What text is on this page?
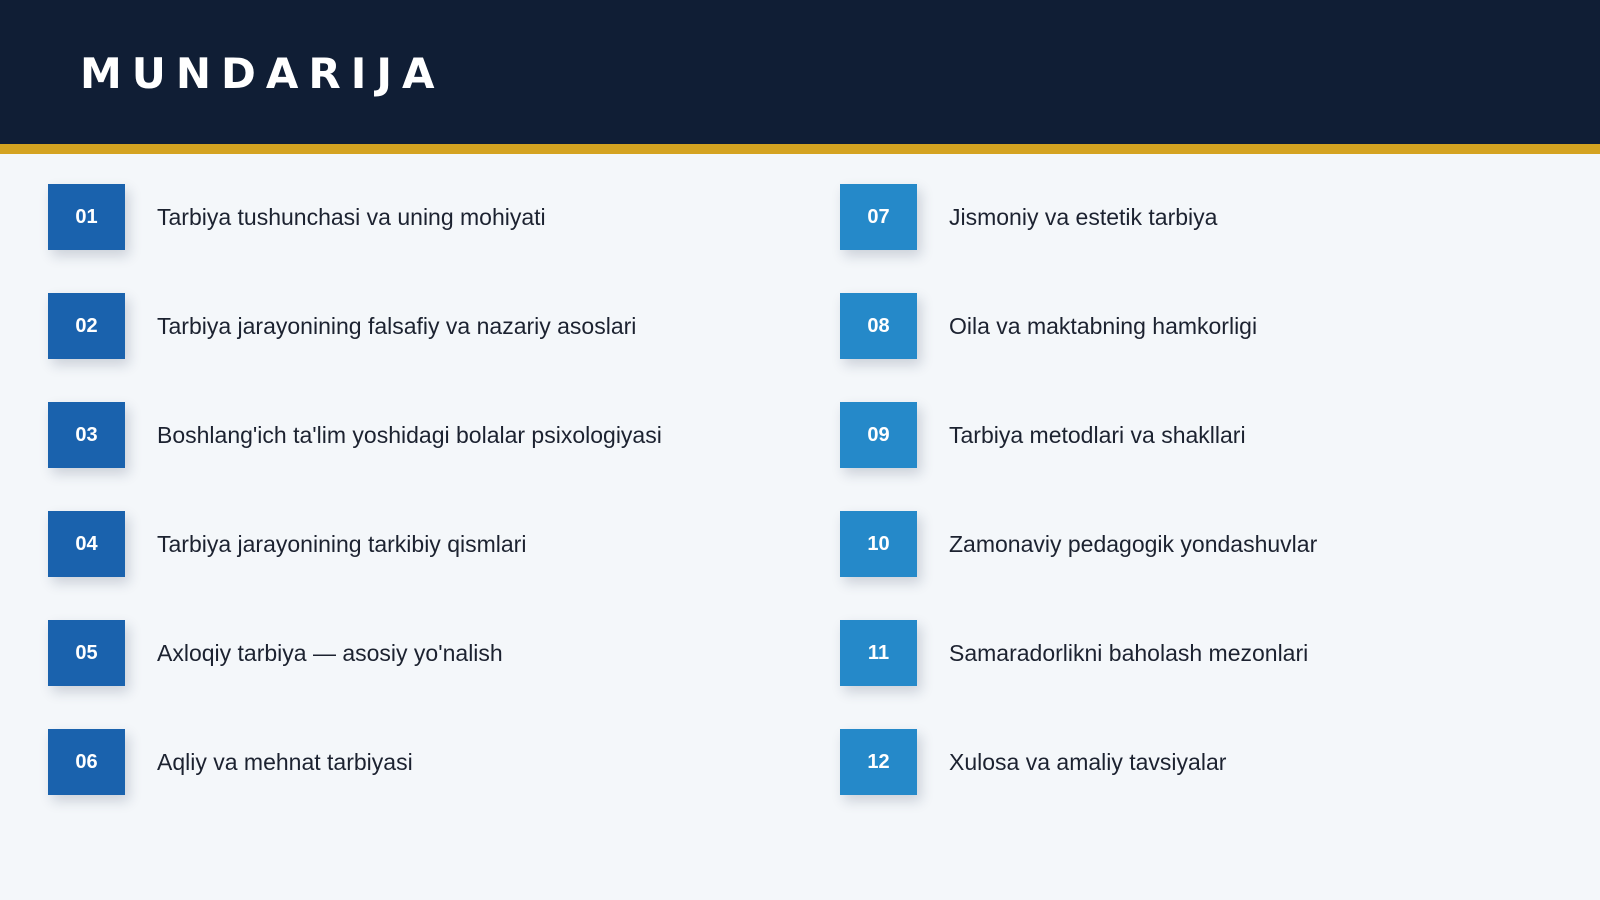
MUNDARIJA
01	Tarbiya tushunchasi va uning mohiyati
02	Tarbiya jarayonining falsafiy va nazariy asoslari
03	Boshlang'ich ta'lim yoshidagi bolalar psixologiyasi
04	Tarbiya jarayonining tarkibiy qismlari
05	Axloqiy tarbiya — asosiy yo'nalish
06	Aqliy va mehnat tarbiyasi
07	Jismoniy va estetik tarbiya
08	Oila va maktabning hamkorligi
09	Tarbiya metodlari va shakllari
10	Zamonaviy pedagogik yondashuvlar
11	Samaradorlikni baholash mezonlari
12	Xulosa va amaliy tavsiyalar
